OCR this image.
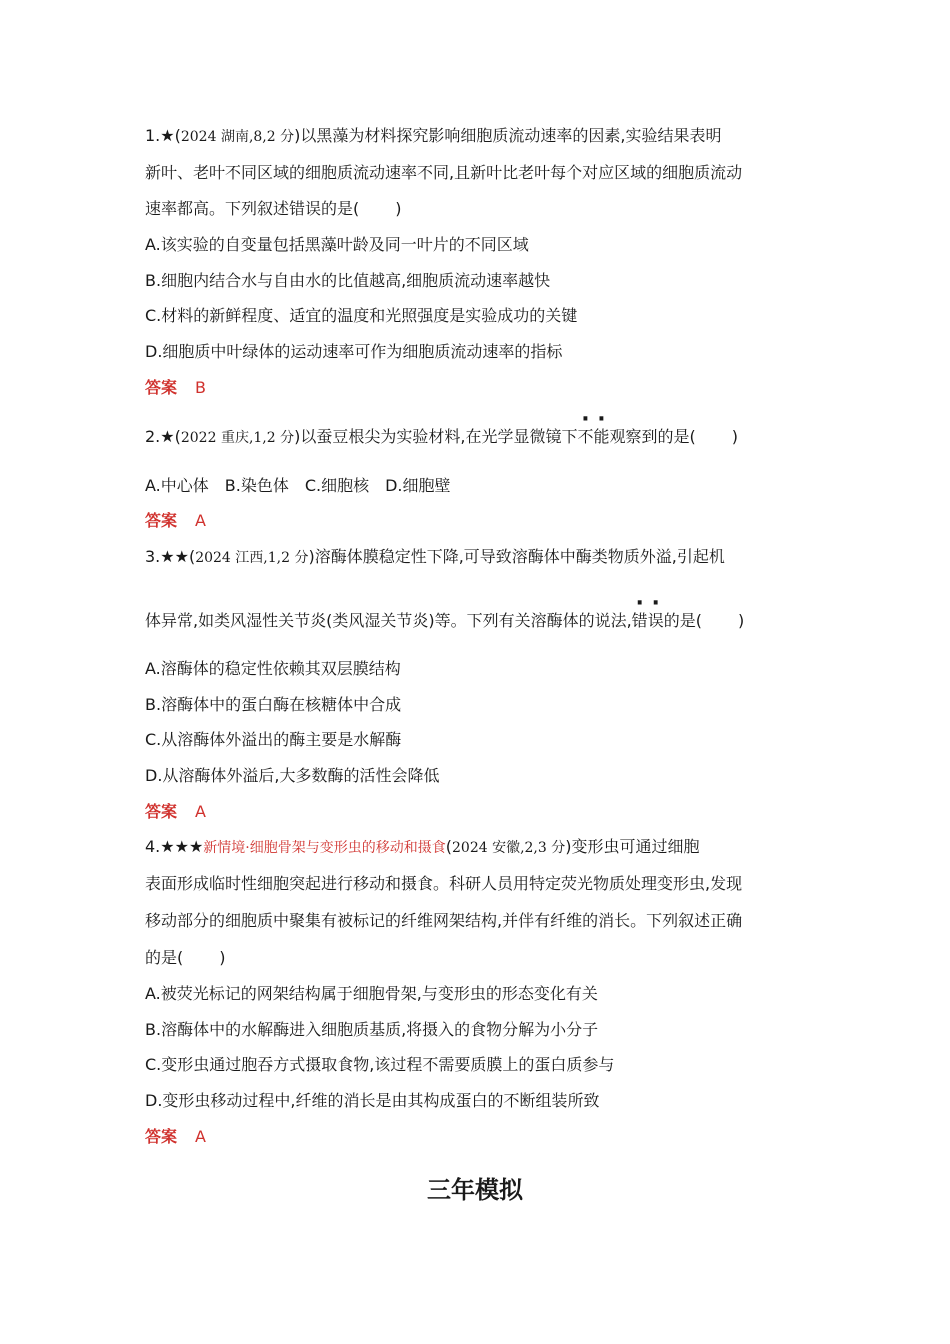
1.★(2024 湖南,8,2 分)以黑藻为材料探究影响细胞质流动速率的因素,实验结果表明
新叶、老叶不同区域的细胞质流动速率不同,且新叶比老叶每个对应区域的细胞质流动
速率都高。下列叙述错误的是( )
A.该实验的自变量包括黑藻叶龄及同一叶片的不同区域
B.细胞内结合水与自由水的比值越高,细胞质流动速率越快
C.材料的新鲜程度、适宜的温度和光照强度是实验成功的关键
D.细胞质中叶绿体的运动速率可作为细胞质流动速率的指标
答案 B
2.★(2022 重庆,1,2 分)以蚕豆根尖为实验材料,在光学显微镜下不能观察到的是( )
A.中心体　B.染色体　C.细胞核　D.细胞壁
答案 A
3.★★(2024 江西,1,2 分)溶酶体膜稳定性下降,可导致溶酶体中酶类物质外溢,引起机
体异常,如类风湿性关节炎(类风湿关节炎)等。下列有关溶酶体的说法,错误的是( )
A.溶酶体的稳定性依赖其双层膜结构
B.溶酶体中的蛋白酶在核糖体中合成
C.从溶酶体外溢出的酶主要是水解酶
D.从溶酶体外溢后,大多数酶的活性会降低
答案 A
4.★★★新情境·细胞骨架与变形虫的移动和摄食(2024 安徽,2,3 分)变形虫可通过细胞
表面形成临时性细胞突起进行移动和摄食。科研人员用特定荧光物质处理变形虫,发现
移动部分的细胞质中聚集有被标记的纤维网架结构,并伴有纤维的消长。下列叙述正确
的是( )
A.被荧光标记的网架结构属于细胞骨架,与变形虫的形态变化有关
B.溶酶体中的水解酶进入细胞质基质,将摄入的食物分解为小分子
C.变形虫通过胞吞方式摄取食物,该过程不需要质膜上的蛋白质参与
D.变形虫移动过程中,纤维的消长是由其构成蛋白的不断组装所致
答案 A
三年模拟
